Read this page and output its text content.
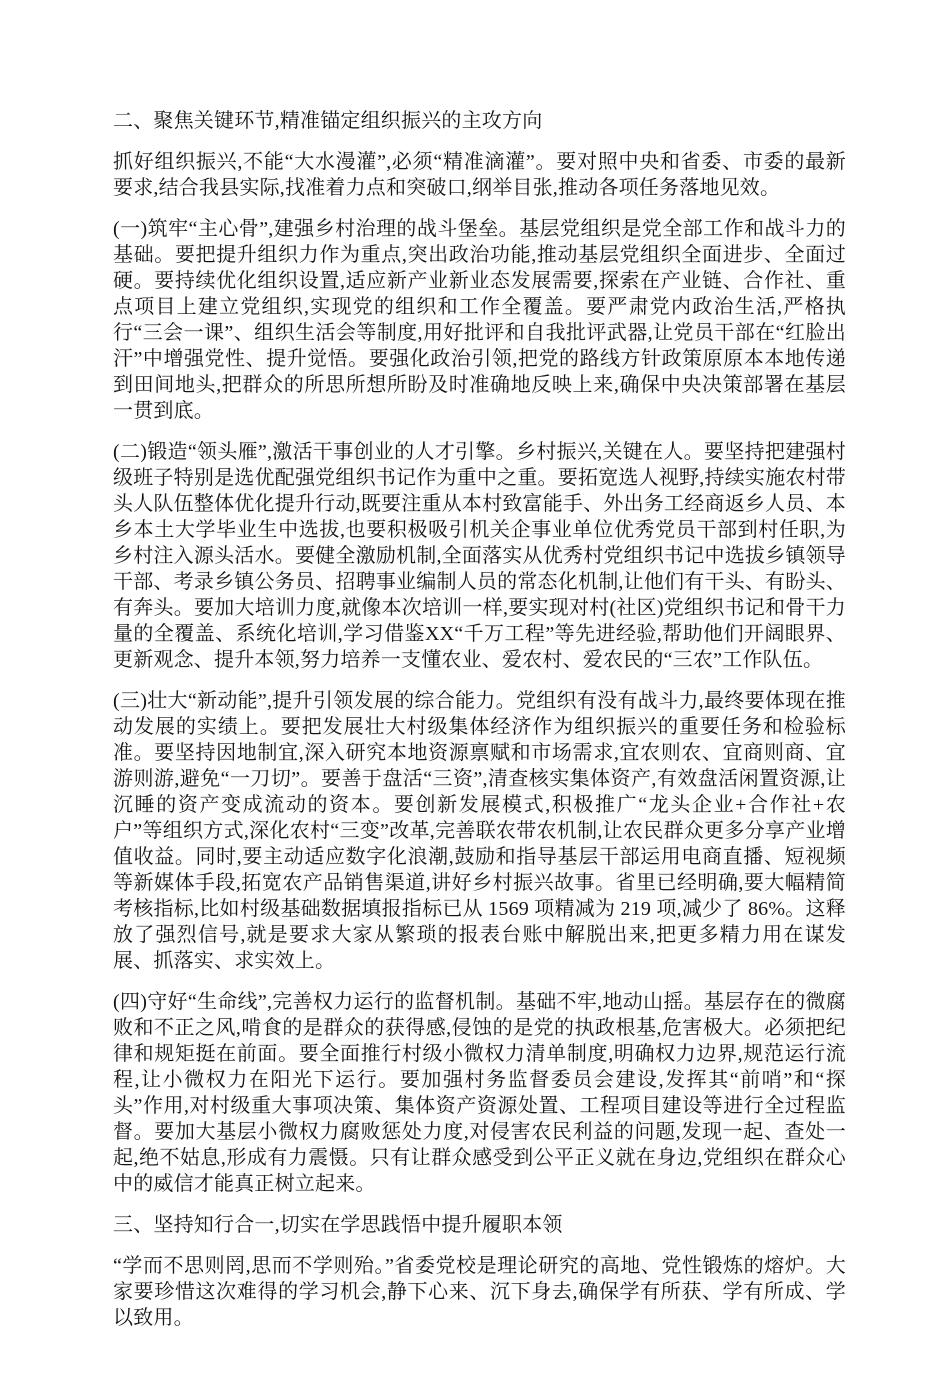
二、聚焦关键环节,精准锚定组织振兴的主攻方向
抓好组织振兴,不能“大水漫灌”,必须“精准滴灌”。要对照中央和省委、市委的最新要求,结合我县实际,找准着力点和突破口,纲举目张,推动各项任务落地见效。
(一)筑牢“主心骨”,建强乡村治理的战斗堡垒。基层党组织是党全部工作和战斗力的基础。要把提升组织力作为重点,突出政治功能,推动基层党组织全面进步、全面过硬。要持续优化组织设置,适应新产业新业态发展需要,探索在产业链、合作社、重点项目上建立党组织,实现党的组织和工作全覆盖。要严肃党内政治生活,严格执行“三会一课”、组织生活会等制度,用好批评和自我批评武器,让党员干部在“红脸出汗”中增强党性、提升觉悟。要强化政治引领,把党的路线方针政策原原本本地传递到田间地头,把群众的所思所想所盼及时准确地反映上来,确保中央决策部署在基层一贯到底。
(二)锻造“领头雁”,激活干事创业的人才引擎。乡村振兴,关键在人。要坚持把建强村级班子特别是选优配强党组织书记作为重中之重。要拓宽选人视野,持续实施农村带头人队伍整体优化提升行动,既要注重从本村致富能手、外出务工经商返乡人员、本乡本土大学毕业生中选拔,也要积极吸引机关企事业单位优秀党员干部到村任职,为乡村注入源头活水。要健全激励机制,全面落实从优秀村党组织书记中选拔乡镇领导干部、考录乡镇公务员、招聘事业编制人员的常态化机制,让他们有干头、有盼头、有奔头。要加大培训力度,就像本次培训一样,要实现对村(社区)党组织书记和骨干力量的全覆盖、系统化培训,学习借鉴XX“千万工程”等先进经验,帮助他们开阔眼界、更新观念、提升本领,努力培养一支懂农业、爱农村、爱农民的“三农”工作队伍。
(三)壮大“新动能”,提升引领发展的综合能力。党组织有没有战斗力,最终要体现在推动发展的实绩上。要把发展壮大村级集体经济作为组织振兴的重要任务和检验标准。要坚持因地制宜,深入研究本地资源禀赋和市场需求,宜农则农、宜商则商、宜游则游,避免“一刀切”。要善于盘活“三资”,清查核实集体资产,有效盘活闲置资源,让沉睡的资产变成流动的资本。要创新发展模式,积极推广“龙头企业+合作社+农户”等组织方式,深化农村“三变”改革,完善联农带农机制,让农民群众更多分享产业增值收益。同时,要主动适应数字化浪潮,鼓励和指导基层干部运用电商直播、短视频等新媒体手段,拓宽农产品销售渠道,讲好乡村振兴故事。省里已经明确,要大幅精简考核指标,比如村级基础数据填报指标已从 1569 项精减为 219 项,减少了 86%。这释放了强烈信号,就是要求大家从繁琐的报表台账中解脱出来,把更多精力用在谋发展、抓落实、求实效上。
(四)守好“生命线”,完善权力运行的监督机制。基础不牢,地动山摇。基层存在的微腐败和不正之风,啃食的是群众的获得感,侵蚀的是党的执政根基,危害极大。必须把纪律和规矩挺在前面。要全面推行村级小微权力清单制度,明确权力边界,规范运行流程,让小微权力在阳光下运行。要加强村务监督委员会建设,发挥其“前哨”和“探头”作用,对村级重大事项决策、集体资产资源处置、工程项目建设等进行全过程监督。要加大基层小微权力腐败惩处力度,对侵害农民利益的问题,发现一起、查处一起,绝不姑息,形成有力震慑。只有让群众感受到公平正义就在身边,党组织在群众心中的威信才能真正树立起来。
三、坚持知行合一,切实在学思践悟中提升履职本领
“学而不思则罔,思而不学则殆。”省委党校是理论研究的高地、党性锻炼的熔炉。大家要珍惜这次难得的学习机会,静下心来、沉下身去,确保学有所获、学有所成、学以致用。
